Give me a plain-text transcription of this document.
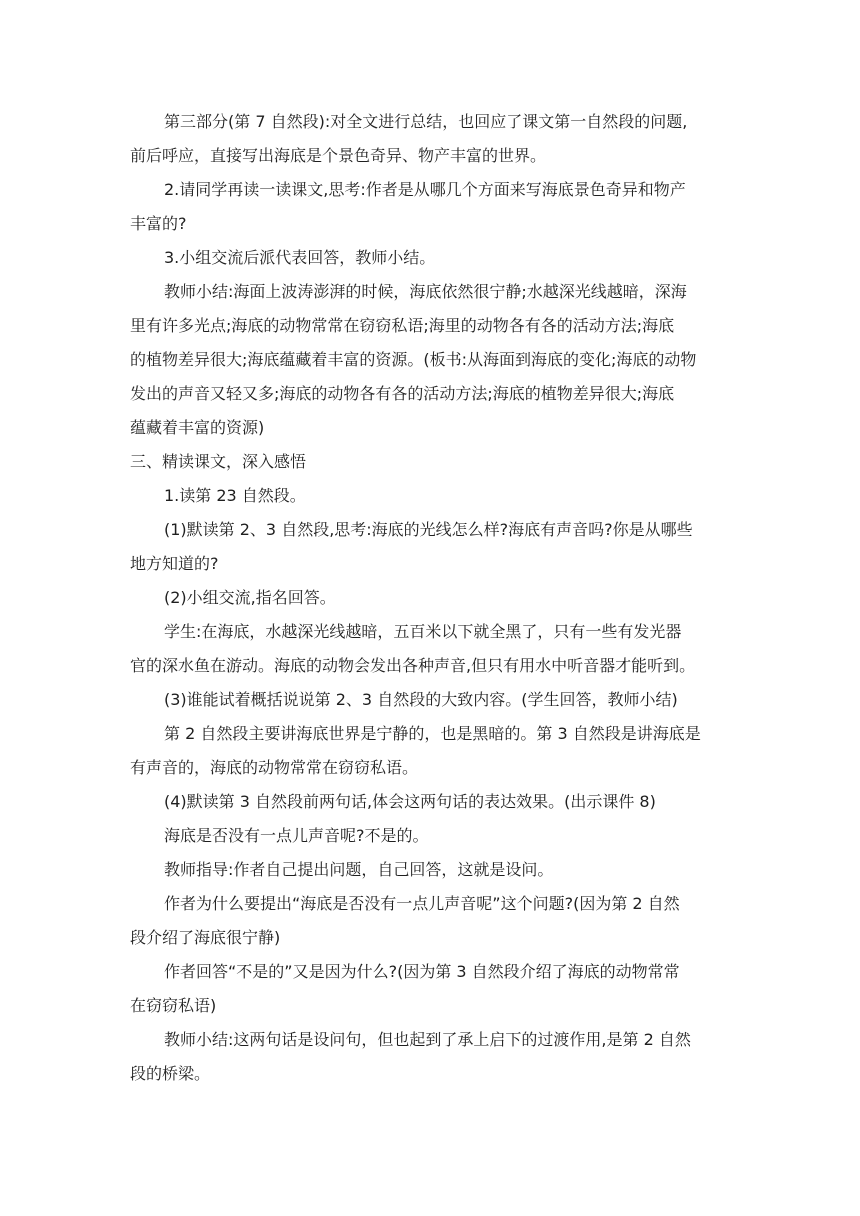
第三部分(第 7 自然段):对全文进行总结，也回应了课文第一自然段的问题,
前后呼应，直接写出海底是个景色奇异、物产丰富的世界。
2.请同学再读一读课文,思考:作者是从哪几个方面来写海底景色奇异和物产
丰富的?
3.小组交流后派代表回答，教师小结。
教师小结:海面上波涛澎湃的时候，海底依然很宁静;水越深光线越暗，深海
里有许多光点;海底的动物常常在窃窃私语;海里的动物各有各的活动方法;海底
的植物差异很大;海底蕴藏着丰富的资源。(板书:从海面到海底的变化;海底的动物
发出的声音又轻又多;海底的动物各有各的活动方法;海底的植物差异很大;海底
蕴藏着丰富的资源)
三、精读课文，深入感悟
1.读第 23 自然段。
(1)默读第 2、3 自然段,思考:海底的光线怎么样?海底有声音吗?你是从哪些
地方知道的?
(2)小组交流,指名回答。
学生:在海底，水越深光线越暗，五百米以下就全黑了，只有一些有发光器
官的深水鱼在游动。海底的动物会发出各种声音,但只有用水中听音器才能听到。
(3)谁能试着概括说说第 2、3 自然段的大致内容。(学生回答，教师小结)
第 2 自然段主要讲海底世界是宁静的，也是黑暗的。第 3 自然段是讲海底是
有声音的，海底的动物常常在窃窃私语。
(4)默读第 3 自然段前两句话,体会这两句话的表达效果。(出示课件 8)
海底是否没有一点儿声音呢?不是的。
教师指导:作者自己提出问题，自己回答，这就是设问。
作者为什么要提出“海底是否没有一点儿声音呢”这个问题?(因为第 2 自然
段介绍了海底很宁静)
作者回答“不是的”又是因为什么?(因为第 3 自然段介绍了海底的动物常常
在窃窃私语)
教师小结:这两句话是设问句，但也起到了承上启下的过渡作用,是第 2 自然
段的桥梁。
